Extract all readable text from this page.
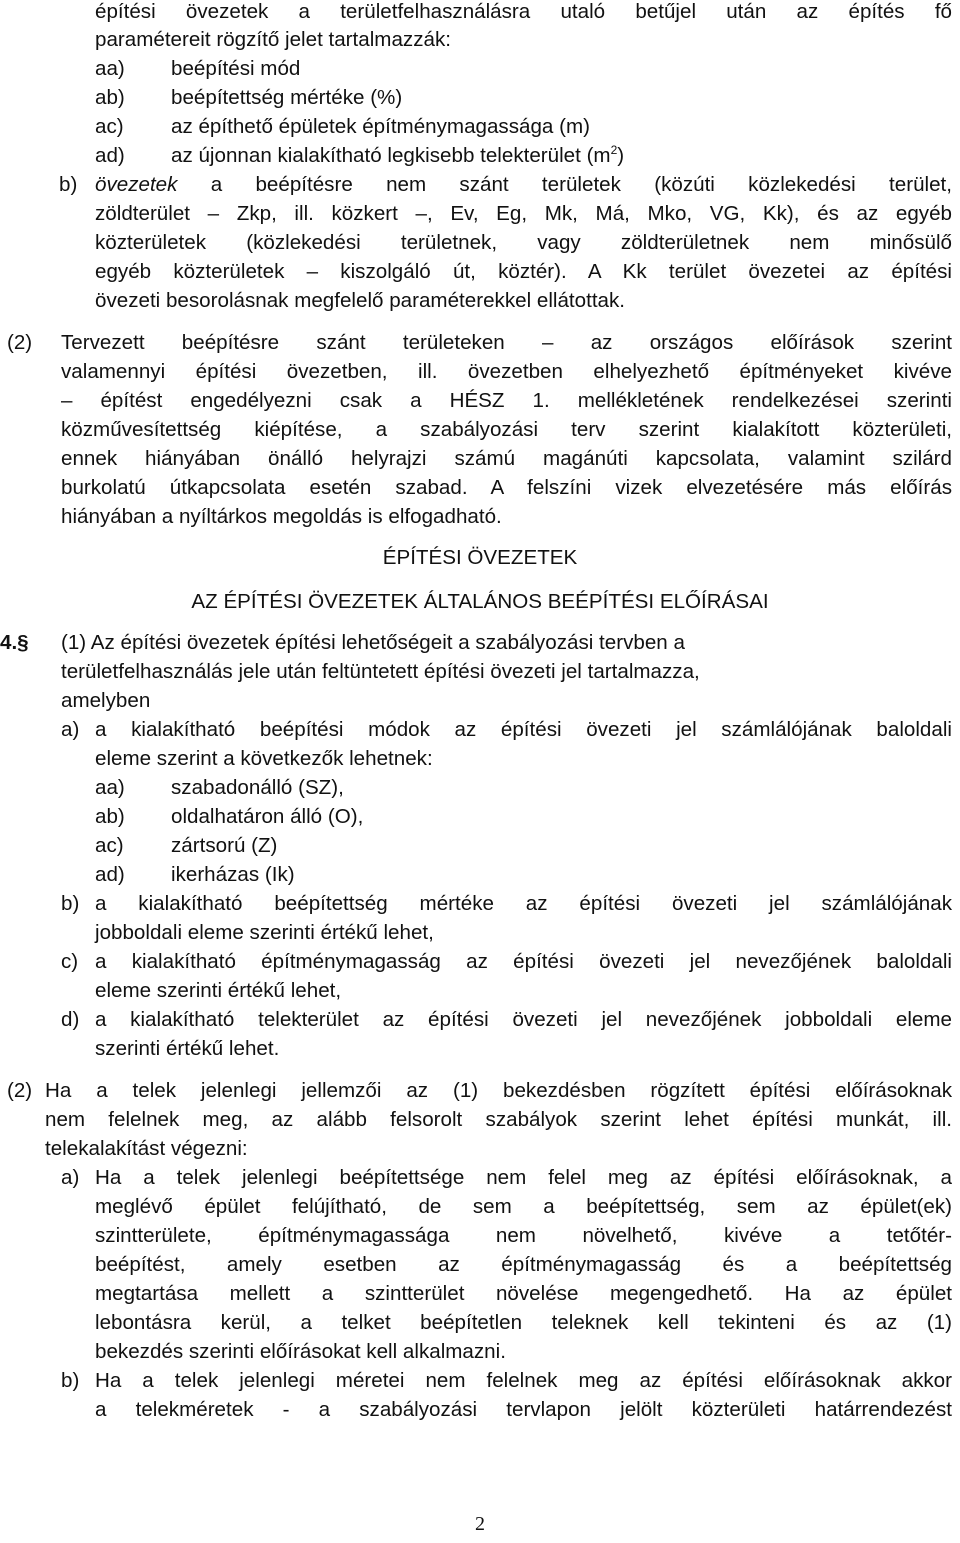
építési övezetek a területfelhasználásra utaló betűjel után az építés fő
paramétereit rögzítő jelet tartalmazzák:
aa) beépítési mód
ab) beépítettség mértéke (%)
ac) az építhető épületek építménymagassága (m)
ad) az újonnan kialakítható legkisebb telekterület $(m^2)$
b) övezetek a beépítésre nem szánt területek (közúti közlekedési terület,
zöldterület – Zkp, ill. közkert –, Ev, Eg, Mk, Má, Mko, VG, Kk), és az egyéb
közterületek (közlekedési területnek, vagy zöldterületnek nem minősülő
egyéb közterületek – kiszolgáló út, köztér). A Kk terület övezetei az építési
övezeti besorolásnak megfelelő paraméterekkel ellátottak.
(2) Tervezett beépítésre szánt területeken – az országos előírások szerint
valamennyi építési övezetben, ill. övezetben elhelyezhető építményeket kivéve
– építést engedélyezni csak a HÉSZ 1. mellékletének rendelkezései szerinti
közművesítettség kiépítése, a szabályozási terv szerint kialakított közterületi,
ennek hiányában önálló helyrajzi számú magánúti kapcsolata, valamint szilárd
burkolatú útkapcsolata esetén szabad. A felszíni vizek elvezetésére más előírás
hiányában a nyíltárkos megoldás is elfogadható.
ÉPÍTÉSI ÖVEZETEK
AZ ÉPÍTÉSI ÖVEZETEK ÁLTALÁNOS BEÉPÍTÉSI ELŐÍRÁSAI
4.§ (1) Az építési övezetek építési lehetőségeit a szabályozási tervben a
területfelhasználás jele után feltüntetett építési övezeti jel tartalmazza,
amelyben
a) a kialakítható beépítési módok az építési övezeti jel számlálójának baloldali
eleme szerint a következők lehetnek:
aa) szabadonálló (SZ),
ab) oldalhatáron álló (O),
ac) zártsorú (Z)
ad) ikerházas (Ik)
b) a kialakítható beépítettség mértéke az építési övezeti jel számlálójának
jobboldali eleme szerinti értékű lehet,
c) a kialakítható építménymagasság az építési övezeti jel nevezőjének baloldali
eleme szerinti értékű lehet,
d) a kialakítható telekterület az építési övezeti jel nevezőjének jobboldali eleme
szerinti értékű lehet.
(2) Ha a telek jelenlegi jellemzői az (1) bekezdésben rögzített építési előírásoknak
nem felelnek meg, az alább felsorolt szabályok szerint lehet építési munkát, ill.
telekalakítást végezni:
a) Ha a telek jelenlegi beépítettsége nem felel meg az építési előírásoknak, a
meglévő épület felújítható, de sem a beépítettség, sem az épület(ek)
szintterülete, építménymagassága nem növelhető, kivéve a tetőtér-
beépítést, amely esetben az építménymagasság és a beépítettség
megtartása mellett a szintterület növelése megengedhető. Ha az épület
lebontásra kerül, a telket beépítetlen teleknek kell tekinteni és az (1)
bekezdés szerinti előírásokat kell alkalmazni.
b) Ha a telek jelenlegi méretei nem felelnek meg az építési előírásoknak akkor
a telekméretek - a szabályozási tervlapon jelölt közterületi határrendezést
2
